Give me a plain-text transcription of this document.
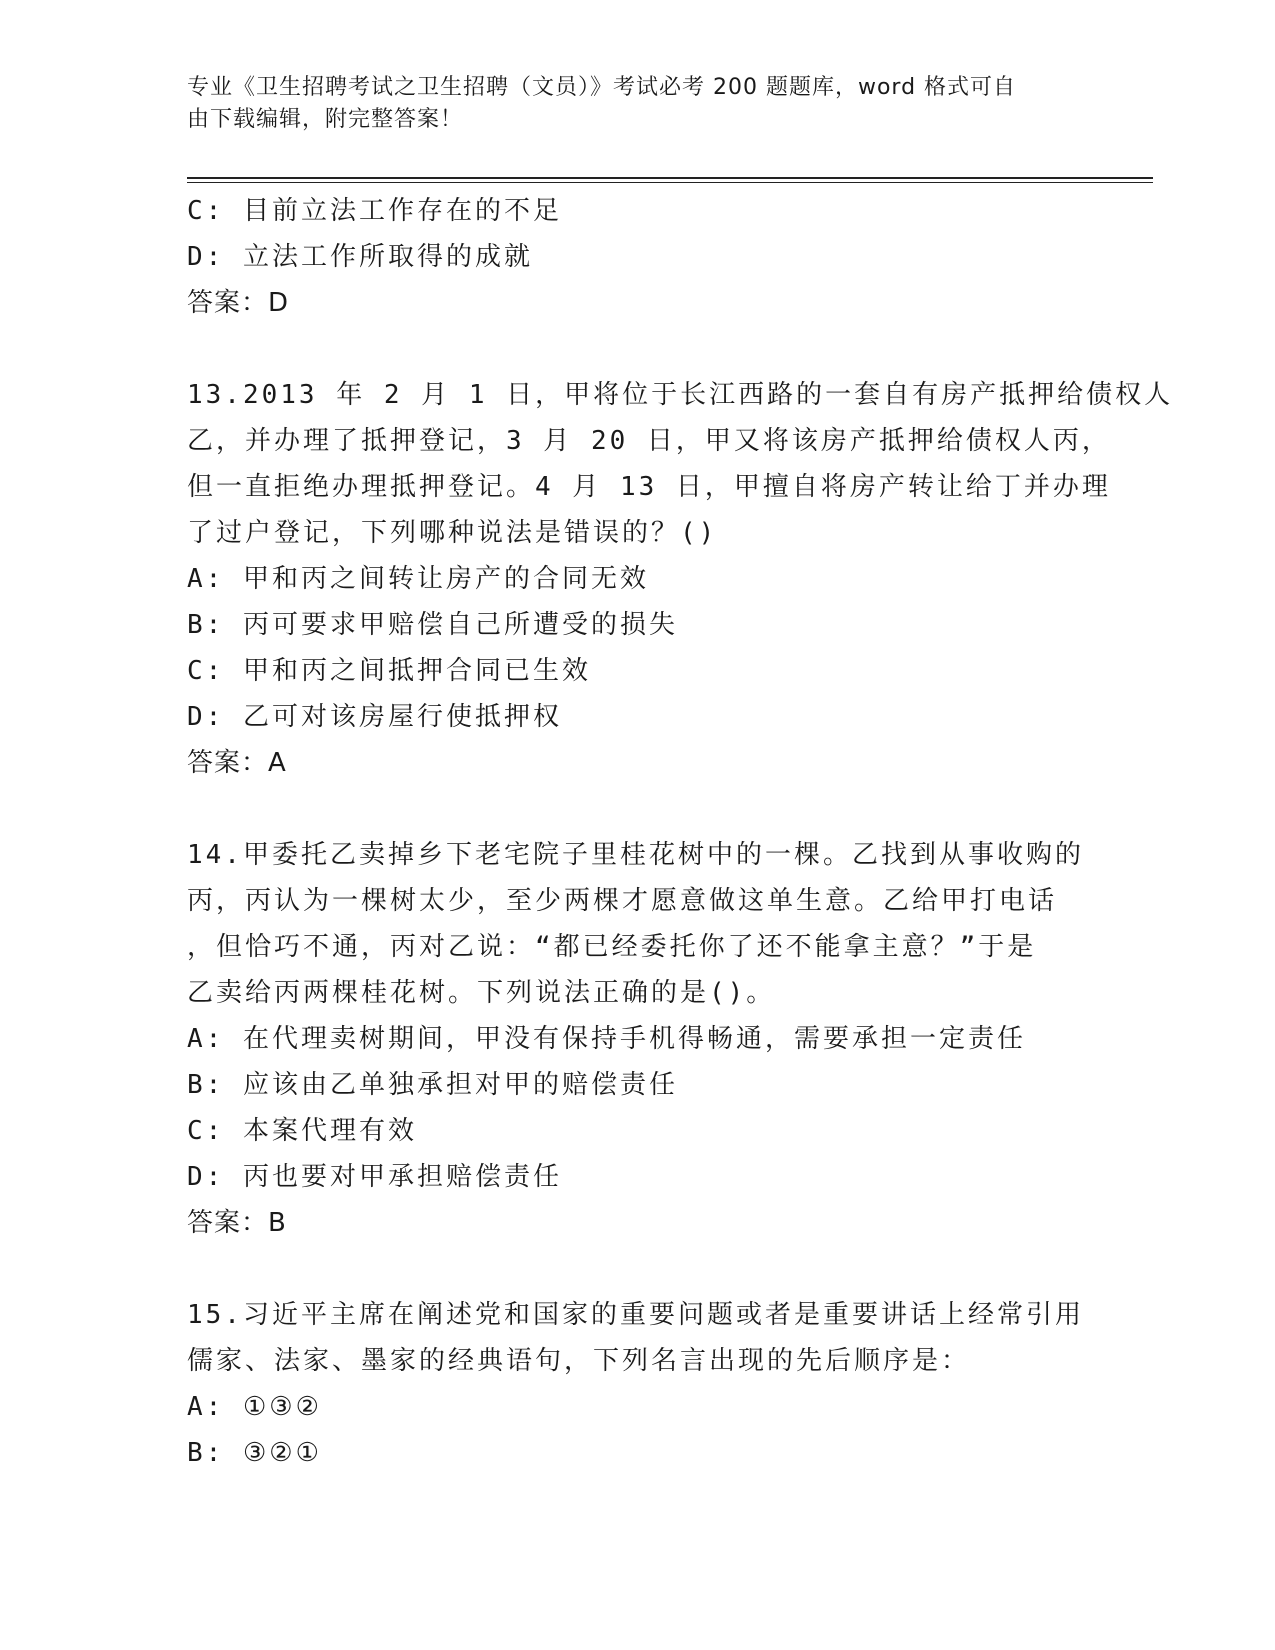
专业《卫生招聘考试之卫生招聘（文员）》考试必考 200 题题库，word 格式可自
由下载编辑，附完整答案！
C: 目前立法工作存在的不足
D: 立法工作所取得的成就
答案：D
13.2013 年 2 月 1 日，甲将位于长江西路的一套自有房产抵押给债权人
乙，并办理了抵押登记，3 月 20 日，甲又将该房产抵押给债权人丙，
但一直拒绝办理抵押登记。4 月 13 日，甲擅自将房产转让给丁并办理
了过户登记，下列哪种说法是错误的？()
A: 甲和丙之间转让房产的合同无效
B: 丙可要求甲赔偿自己所遭受的损失
C: 甲和丙之间抵押合同已生效
D: 乙可对该房屋行使抵押权
答案：A
14.甲委托乙卖掉乡下老宅院子里桂花树中的一棵。乙找到从事收购的
丙，丙认为一棵树太少，至少两棵才愿意做这单生意。乙给甲打电话
，但恰巧不通，丙对乙说：“都已经委托你了还不能拿主意？”于是
乙卖给丙两棵桂花树。下列说法正确的是()。
A: 在代理卖树期间，甲没有保持手机得畅通，需要承担一定责任
B: 应该由乙单独承担对甲的赔偿责任
C: 本案代理有效
D: 丙也要对甲承担赔偿责任
答案：B
15.习近平主席在阐述党和国家的重要问题或者是重要讲话上经常引用
儒家、法家、墨家的经典语句，下列名言出现的先后顺序是：
A: ①③②
B: ③②①
